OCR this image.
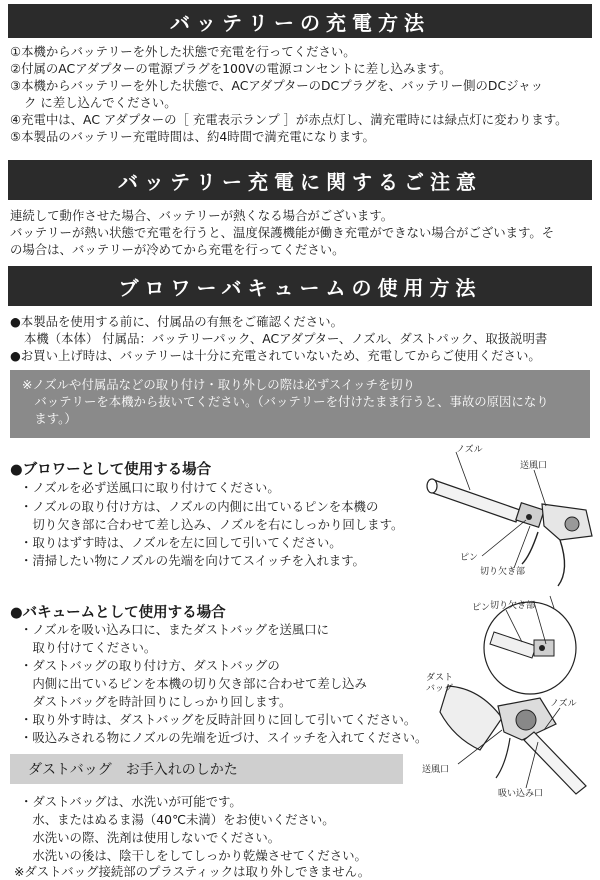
バッテリーの充電方法
①本機からバッテリーを外した状態で充電を行ってください。
②付属のACアダプターの電源プラグを100Vの電源コンセントに差し込みます。
③本機からバッテリーを外した状態で、ACアダプターのDCプラグを、バッテリー側のDCジャッ
ク に差し込んでください。
④充電中は、AC アダプターの［ 充電表示ランプ ］が赤点灯し、満充電時には緑点灯に変わります。
⑤本製品のバッテリー充電時間は、約4時間で満充電になります。
バッテリー充電に関するご注意
連続して動作させた場合、バッテリーが熱くなる場合がございます。
バッテリーが熱い状態で充電を行うと、温度保護機能が働き充電ができない場合がございます。そ
の場合は、バッテリーが冷めてから充電を行ってください。
ブロワーバキュームの使用方法
●本製品を使用する前に、付属品の有無をご確認ください。
本機（本体） 付属品：バッテリーパック、ACアダプター、ノズル、ダストパック、取扱説明書
●お買い上げ時は、バッテリーは十分に充電されていないため、充電してからご使用ください。
※ノズルや付属品などの取り付け・取り外しの際は必ずスイッチを切り
　バッテリーを本機から抜いてください。（バッテリーを付けたまま行うと、事故の原因になり
　ます。）
●ブロワーとして使用する場合
・ノズルを必ず送風口に取り付けてください。
・ノズルの取り付け方は、ノズルの内側に出ているピンを本機の
　切り欠き部に合わせて差し込み、ノズルを右にしっかり回します。
・取りはずす時は、ノズルを左に回して引いてください。
・清掃したい物にノズルの先端を向けてスイッチを入れます。
ノズル
送風口
ピン
切り欠き部
●バキュームとして使用する場合
・ノズルを吸い込み口に、またダストバッグを送風口に
　取り付けてください。
・ダストバッグの取り付け方、ダストバッグの
　内側に出ているピンを本機の切り欠き部に合わせて差し込み
　ダストバッグを時計回りにしっかり回します。
・取り外す時は、ダストバッグを反時計回りに回して引いてください。
・吸込みされる物にノズルの先端を近づけ、スイッチを入れてください。
切り欠き部
ピン
ダスト
バッグ
ノズル
送風口
吸い込み口
ダストバッグ　お手入れのしかた
・ダストバッグは、水洗いが可能です。
　水、またはぬるま湯（40℃未満）をお使いください。
　水洗いの際、洗剤は使用しないでください。
　水洗いの後は、陰干しをしてしっかり乾燥させてください。
※ダストバッグ接続部のプラスティックは取り外しできません。
